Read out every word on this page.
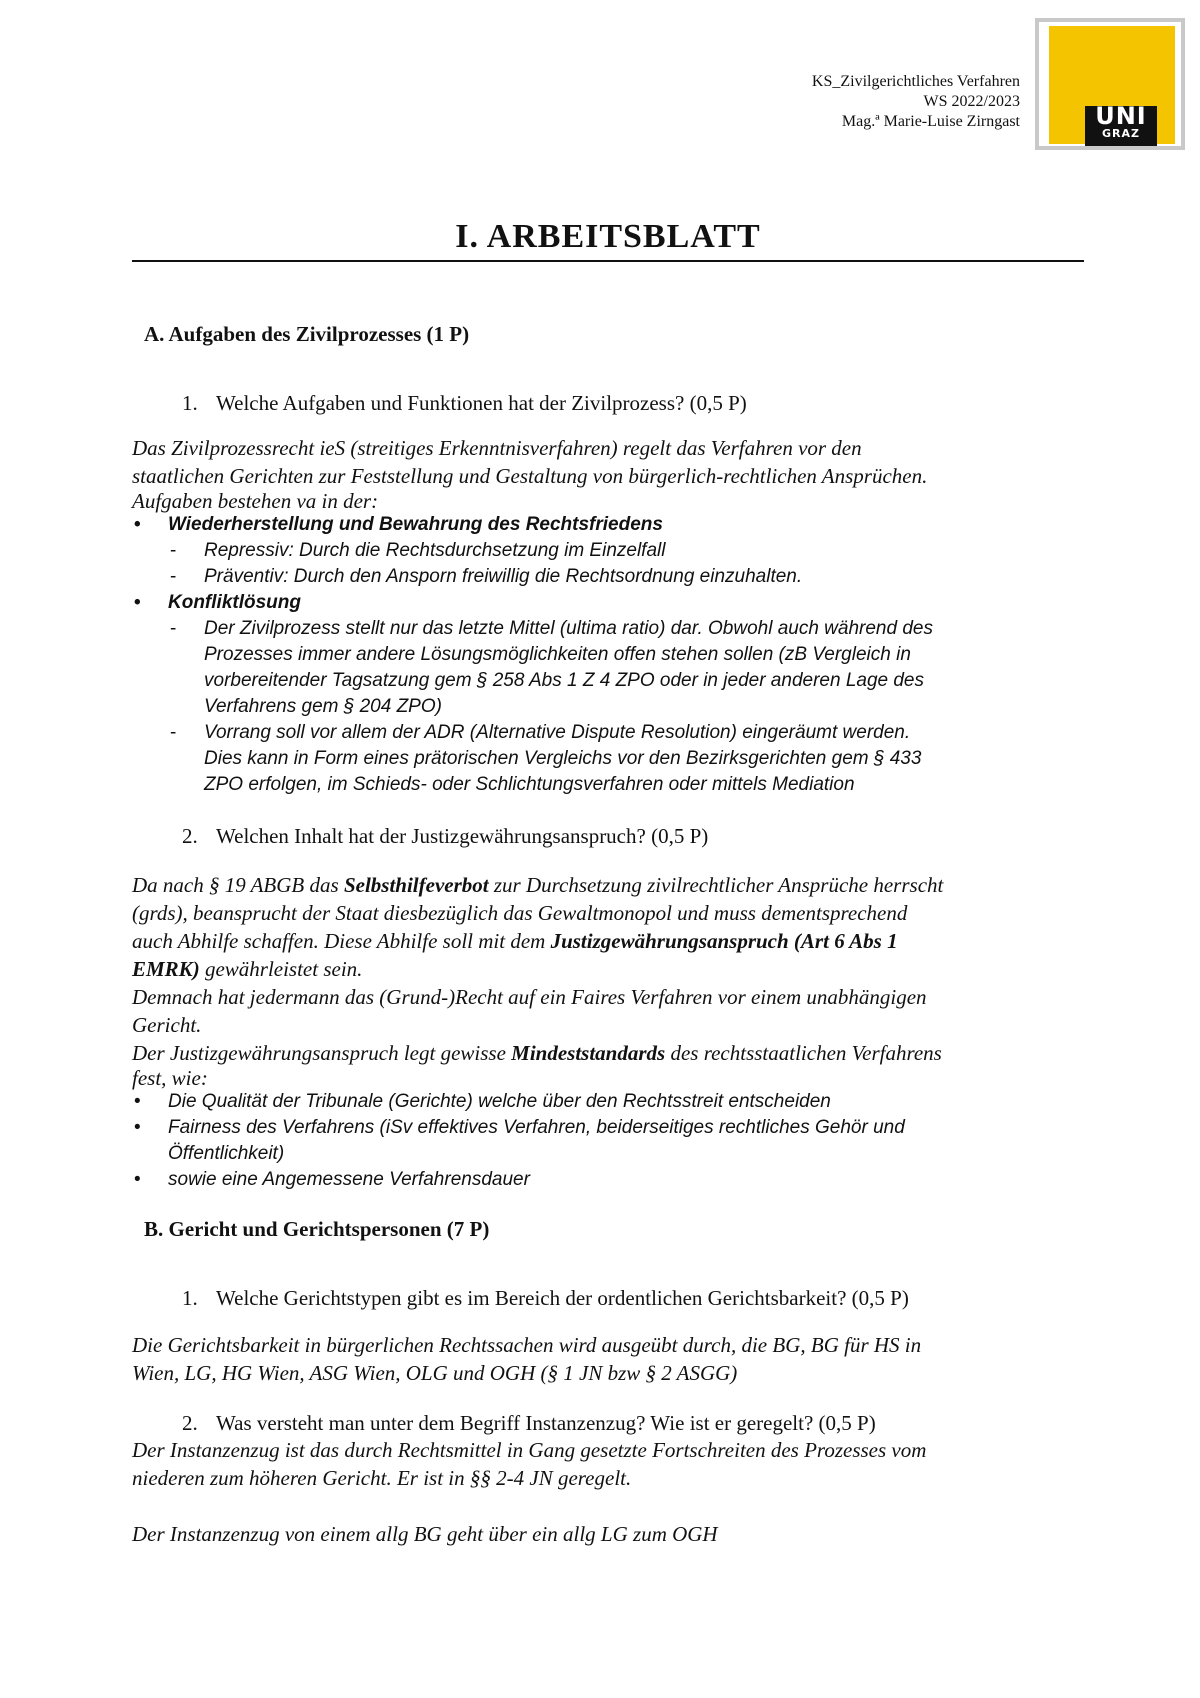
KS_Zivilgerichtliches Verfahren
WS 2022/2023
Mag.ª Marie-Luise Zirngast	UNI
GRAZ
I. ARBEITSBLATT
A. Aufgaben des Zivilprozesses (1 P)
1. Welche Aufgaben und Funktionen hat der Zivilprozess? (0,5 P)
Das Zivilprozessrecht ieS (streitiges Erkenntnisverfahren) regelt das Verfahren vor den
staatlichen Gerichten zur Feststellung und Gestaltung von bürgerlich-rechtlichen Ansprüchen.
Aufgaben bestehen va in der:
• Wiederherstellung und Bewahrung des Rechtsfriedens
- Repressiv: Durch die Rechtsdurchsetzung im Einzelfall
- Präventiv: Durch den Ansporn freiwillig die Rechtsordnung einzuhalten.
• Konfliktlösung
- Der Zivilprozess stellt nur das letzte Mittel (ultima ratio) dar. Obwohl auch während des
Prozesses immer andere Lösungsmöglichkeiten offen stehen sollen (zB Vergleich in
vorbereitender Tagsatzung gem § 258 Abs 1 Z 4 ZPO oder in jeder anderen Lage des
Verfahrens gem § 204 ZPO)
- Vorrang soll vor allem der ADR (Alternative Dispute Resolution) eingeräumt werden.
Dies kann in Form eines prätorischen Vergleichs vor den Bezirksgerichten gem § 433
ZPO erfolgen, im Schieds- oder Schlichtungsverfahren oder mittels Mediation
2. Welchen Inhalt hat der Justizgewährungsanspruch? (0,5 P)
Da nach § 19 ABGB das Selbsthilfeverbot zur Durchsetzung zivilrechtlicher Ansprüche herrscht
(grds), beansprucht der Staat diesbezüglich das Gewaltmonopol und muss dementsprechend
auch Abhilfe schaffen. Diese Abhilfe soll mit dem Justizgewährungsanspruch (Art 6 Abs 1
EMRK) gewährleistet sein.
Demnach hat jedermann das (Grund-)Recht auf ein Faires Verfahren vor einem unabhängigen
Gericht.
Der Justizgewährungsanspruch legt gewisse Mindeststandards des rechtsstaatlichen Verfahrens
fest, wie:
• Die Qualität der Tribunale (Gerichte) welche über den Rechtsstreit entscheiden
• Fairness des Verfahrens (iSv effektives Verfahren, beiderseitiges rechtliches Gehör und
Öffentlichkeit)
• sowie eine Angemessene Verfahrensdauer
B. Gericht und Gerichtspersonen (7 P)
1. Welche Gerichtstypen gibt es im Bereich der ordentlichen Gerichtsbarkeit? (0,5 P)
Die Gerichtsbarkeit in bürgerlichen Rechtssachen wird ausgeübt durch, die BG, BG für HS in
Wien, LG, HG Wien, ASG Wien, OLG und OGH (§ 1 JN bzw § 2 ASGG)
2. Was versteht man unter dem Begriff Instanzenzug? Wie ist er geregelt? (0,5 P)
Der Instanzenzug ist das durch Rechtsmittel in Gang gesetzte Fortschreiten des Prozesses vom
niederen zum höheren Gericht. Er ist in §§ 2-4 JN geregelt.
Der Instanzenzug von einem allg BG geht über ein allg LG zum OGH
